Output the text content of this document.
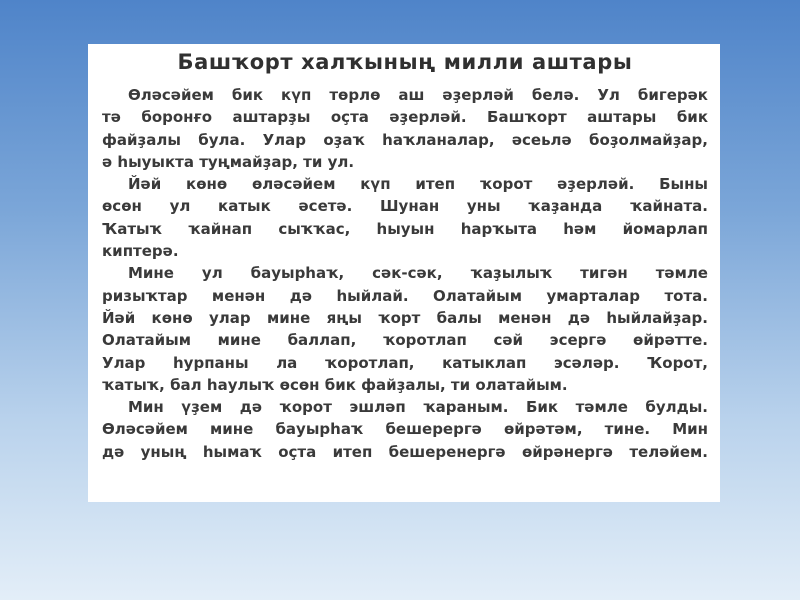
Башҡорт халҡының милли аштары

Өләсәйем бик күп төрлө аш әҙерләй белә. Ул бигерәк
тә боронғо аштарҙы оҫта әҙерләй. Башҡорт аштары бик
файҙалы була. Улар оҙаҡ һаҡланалар, әсеьлә боҙолмайҙар,
ә һыуыкта туңмайҙар, ти ул.

Йәй көнө өләсәйем күп итеп ҡорот әҙерләй. Быны
өсөн ул катык әсетә. Шунан уны ҡаҙанда ҡайната.
Ҡатыҡ ҡайнап сыҡҡас, һыуын һарҡыта һәм йомарлап
киптерә.

Мине ул бауырһаҡ, сәк-сәк, ҡаҙылыҡ тигән тәмле
ризыҡтар менән дә һыйлай. Олатайым умарталар тота.
Йәй көнө улар мине яңы ҡорт балы менән дә һыйлайҙар.
Олатайым мине баллап, ҡоротлап сәй эсергә өйрәтте.
Улар һурпаны ла ҡоротлап, катыклап эсәләр. Ҡорот,
ҡатыҡ, бал һаулыҡ өсөн бик файҙалы, ти олатайым.

Мин үҙем дә ҡорот эшләп ҡараным. Бик тәмле булды.
Өләсәйем мине бауырһаҡ бешерергә өйрәтәм, тине. Мин
дә уның һымаҡ оҫта итеп бешеренергә өйрәнергә теләйем.
